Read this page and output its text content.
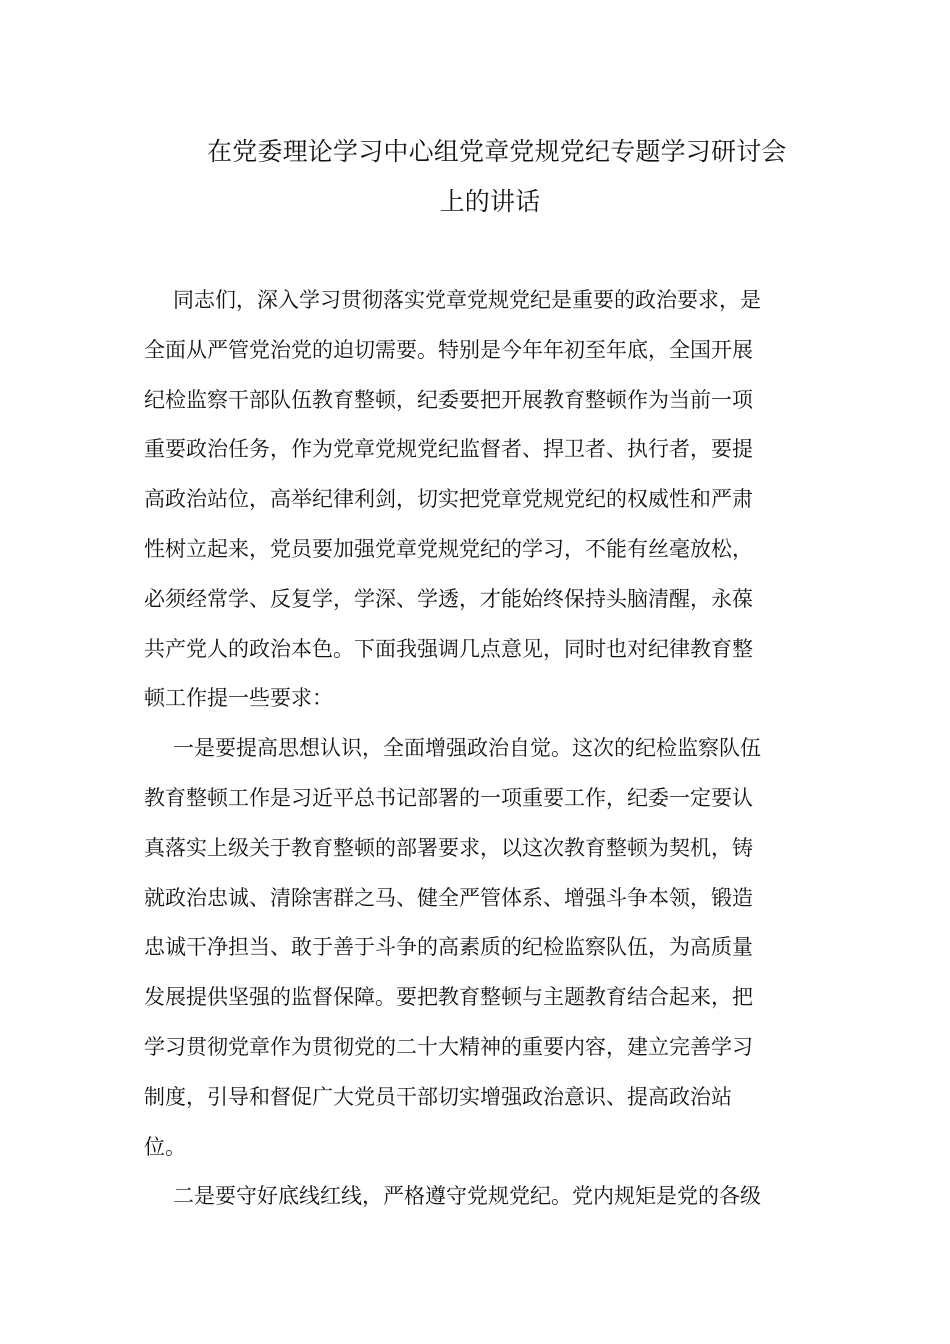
在党委理论学习中心组党章党规党纪专题学习研讨会
上的讲话
同志们，深入学习贯彻落实党章党规党纪是重要的政治要求，是
全面从严管党治党的迫切需要。特别是今年年初至年底，全国开展
纪检监察干部队伍教育整顿，纪委要把开展教育整顿作为当前一项
重要政治任务，作为党章党规党纪监督者、捍卫者、执行者，要提
高政治站位，高举纪律利剑，切实把党章党规党纪的权威性和严肃
性树立起来，党员要加强党章党规党纪的学习，不能有丝毫放松，
必须经常学、反复学，学深、学透，才能始终保持头脑清醒，永葆
共产党人的政治本色。下面我强调几点意见，同时也对纪律教育整
顿工作提一些要求：
一是要提高思想认识，全面增强政治自觉。这次的纪检监察队伍
教育整顿工作是习近平总书记部署的一项重要工作，纪委一定要认
真落实上级关于教育整顿的部署要求，以这次教育整顿为契机，铸
就政治忠诚、清除害群之马、健全严管体系、增强斗争本领，锻造
忠诚干净担当、敢于善于斗争的高素质的纪检监察队伍，为高质量
发展提供坚强的监督保障。要把教育整顿与主题教育结合起来，把
学习贯彻党章作为贯彻党的二十大精神的重要内容，建立完善学习
制度，引导和督促广大党员干部切实增强政治意识、提高政治站
位。
二是要守好底线红线，严格遵守党规党纪。党内规矩是党的各级
